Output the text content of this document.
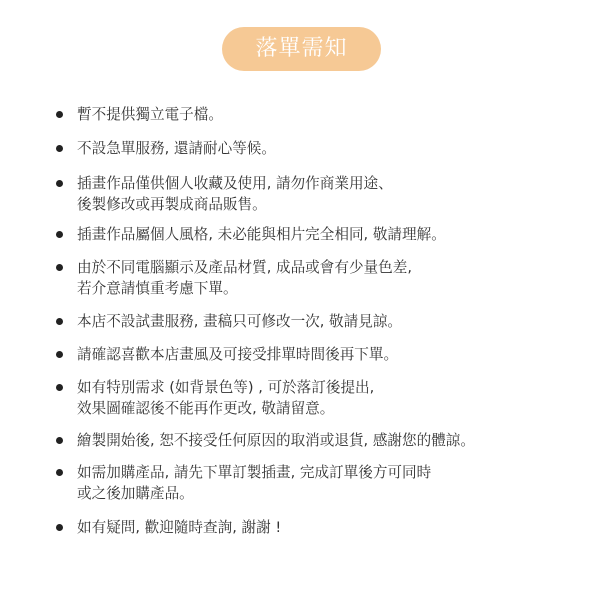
落單需知
暫不提供獨立電子檔。
不設急單服務, 還請耐心等候。
插畫作品僅供個人收藏及使用, 請勿作商業用途、
後製修改或再製成商品販售。
插畫作品屬個人風格, 未必能與相片完全相同, 敬請理解。
由於不同電腦顯示及產品材質, 成品或會有少量色差,
若介意請慎重考慮下單。
本店不設試畫服務, 畫稿只可修改一次, 敬請見諒。
請確認喜歡本店畫風及可接受排單時間後再下單。
如有特別需求 (如背景色等) , 可於落訂後提出,
效果圖確認後不能再作更改, 敬請留意。
繪製開始後, 恕不接受任何原因的取消或退貨, 感謝您的體諒。
如需加購產品, 請先下單訂製插畫, 完成訂單後方可同時
或之後加購產品。
如有疑問, 歡迎隨時查詢, 謝謝 !
